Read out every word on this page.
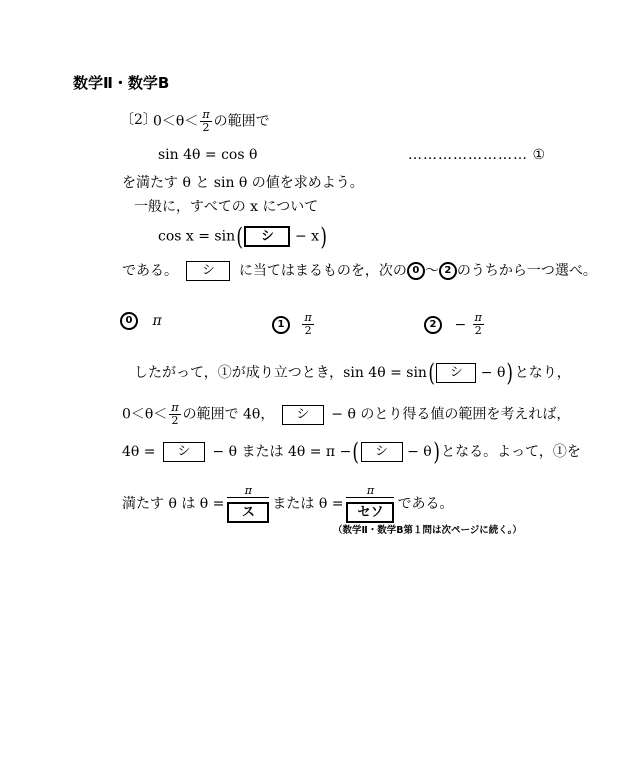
数学Ⅱ・数学B
〔2〕
$0<\theta< \frac{\pi}{2}$ の範囲で
sin 4θ = cos θ	…………………… ①
を満たす θ と sin θ の値を求めよう。
一般に，すべての x について
cos x = sin( シ − x)
である。 シ に当てはまるものを，次の 0 〜 2 のうちから一つ選べ。
0 π	$1 \frac{\pi}{2}$	$2 - \frac{\pi}{2}$
したがって，①が成り立つとき，sin 4θ = sin( シ − θ)となり，
$0<\theta< \frac{\pi}{2}$ の範囲で 4θ， シ − θ のとり得る値の範囲を考えれば，
4θ = シ − θ または 4θ = π −( シ − θ)となる。よって，①を
満たす θ は $\theta = \frac{\pi}{\text{ス}}$ または $\theta = \frac{\pi}{\text{セソ}}$ である。
（数学Ⅱ・数学B第１問は次ページに続く。）
